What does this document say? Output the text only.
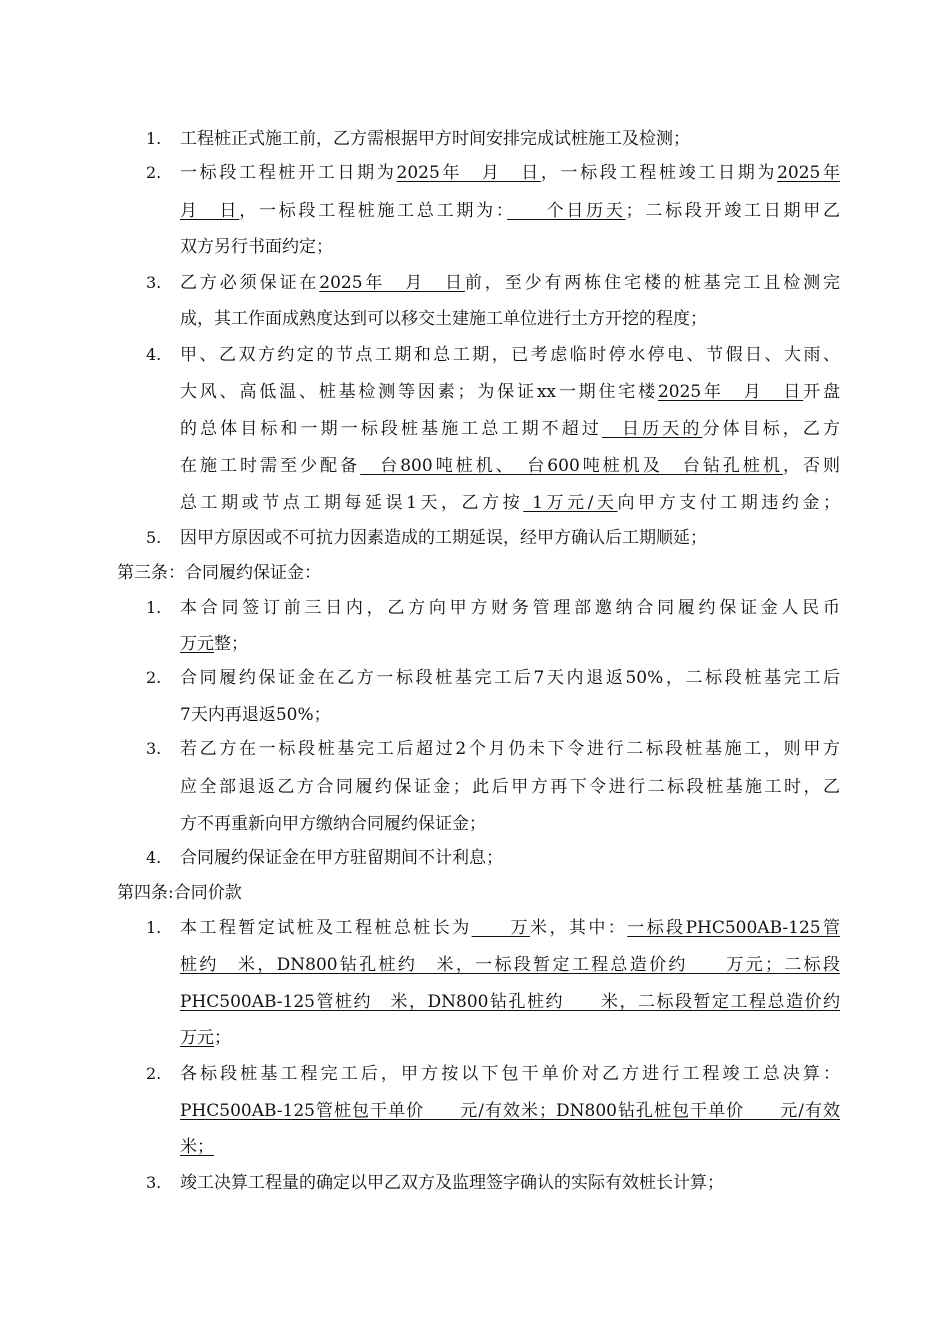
1.	工程桩正式施工前，乙方需根据甲方时间安排完成试桩施工及检测；
2.	一标段工程桩开工日期为2025年　月　日，一标段工程桩竣工日期为2025年
月　日，一标段工程桩施工总工期为：　　个日历天；二标段开竣工日期甲乙
双方另行书面约定；
3.	乙方必须保证在2025年　月　日前，至少有两栋住宅楼的桩基完工且检测完
成，其工作面成熟度达到可以移交土建施工单位进行土方开挖的程度；
4.	甲、乙双方约定的节点工期和总工期，已考虑临时停水停电、节假日、大雨、
大风、高低温、桩基检测等因素；为保证xx一期住宅楼2025年　月　日开盘
的总体目标和一期一标段桩基施工总工期不超过　日历天的分体目标，乙方
在施工时需至少配备　台800吨桩机、　台600吨桩机及　台钻孔桩机，否则
总工期或节点工期每延误1天，乙方按 1万元/天向甲方支付工期违约金；
5.	因甲方原因或不可抗力因素造成的工期延误，经甲方确认后工期顺延；
第三条：合同履约保证金：
1.	本合同签订前三日内，乙方向甲方财务管理部邀纳合同履约保证金人民币
万元整；
2.	合同履约保证金在乙方一标段桩基完工后7天内退返50%，二标段桩基完工后
7天内再退返50%；
3.	若乙方在一标段桩基完工后超过2个月仍未下令进行二标段桩基施工，则甲方
应全部退返乙方合同履约保证金；此后甲方再下令进行二标段桩基施工时，乙
方不再重新向甲方缴纳合同履约保证金；
4.	合同履约保证金在甲方驻留期间不计利息；
第四条:合同价款
1.	本工程暂定试桩及工程桩总桩长为　　万米，其中：一标段PHC500AB-125管
桩约　米，DN800钻孔桩约　米，一标段暂定工程总造价约　　万元；二标段
PHC500AB-125管桩约　米，DN800钻孔桩约　　米，二标段暂定工程总造价约
万元；
2.	各标段桩基工程完工后，甲方按以下包干单价对乙方进行工程竣工总决算：
PHC500AB-125管桩包干单价　　元/有效米；DN800钻孔桩包干单价　　元/有效
米；
3.	竣工决算工程量的确定以甲乙双方及监理签字确认的实际有效桩长计算；
